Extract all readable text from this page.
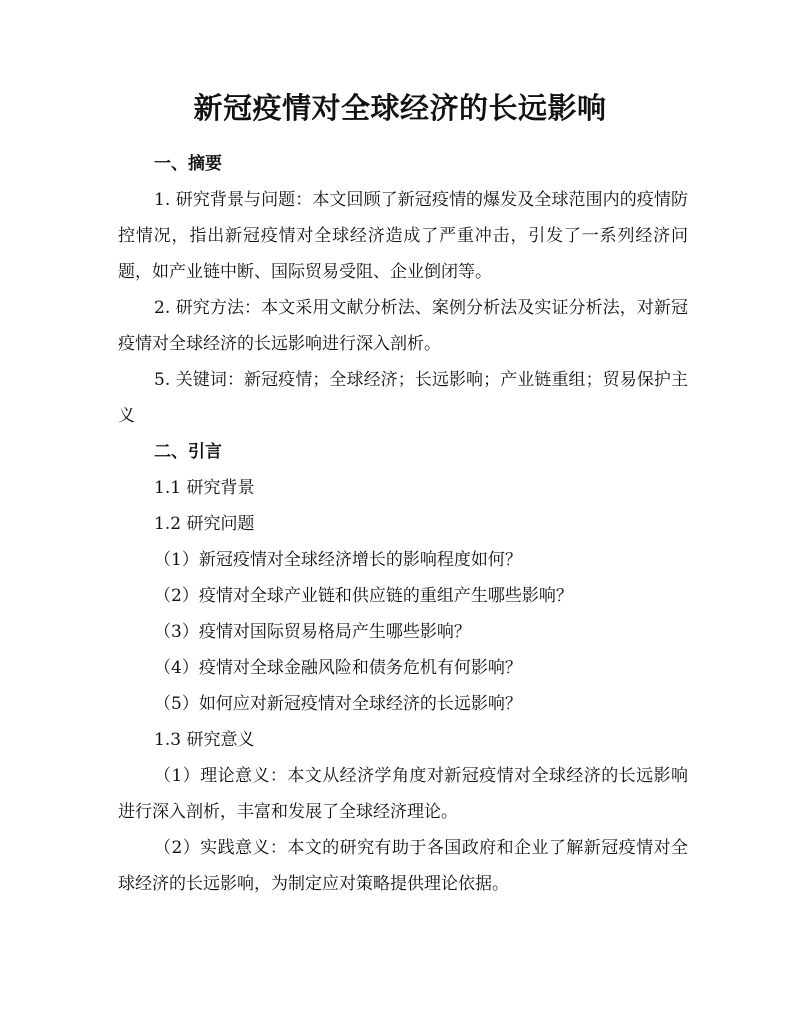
新冠疫情对全球经济的长远影响
一、摘要
1. 研究背景与问题：本文回顾了新冠疫情的爆发及全球范围内的疫情防控情况，指出新冠疫情对全球经济造成了严重冲击，引发了一系列经济问题，如产业链中断、国际贸易受阻、企业倒闭等。
2. 研究方法：本文采用文献分析法、案例分析法及实证分析法，对新冠疫情对全球经济的长远影响进行深入剖析。
5. 关键词：新冠疫情；全球经济；长远影响；产业链重组；贸易保护主义
二、引言
1.1 研究背景
1.2 研究问题
（1）新冠疫情对全球经济增长的影响程度如何？
（2）疫情对全球产业链和供应链的重组产生哪些影响？
（3）疫情对国际贸易格局产生哪些影响？
（4）疫情对全球金融风险和债务危机有何影响？
（5）如何应对新冠疫情对全球经济的长远影响？
1.3 研究意义
（1）理论意义：本文从经济学角度对新冠疫情对全球经济的长远影响进行深入剖析，丰富和发展了全球经济理论。
（2）实践意义：本文的研究有助于各国政府和企业了解新冠疫情对全球经济的长远影响，为制定应对策略提供理论依据。
